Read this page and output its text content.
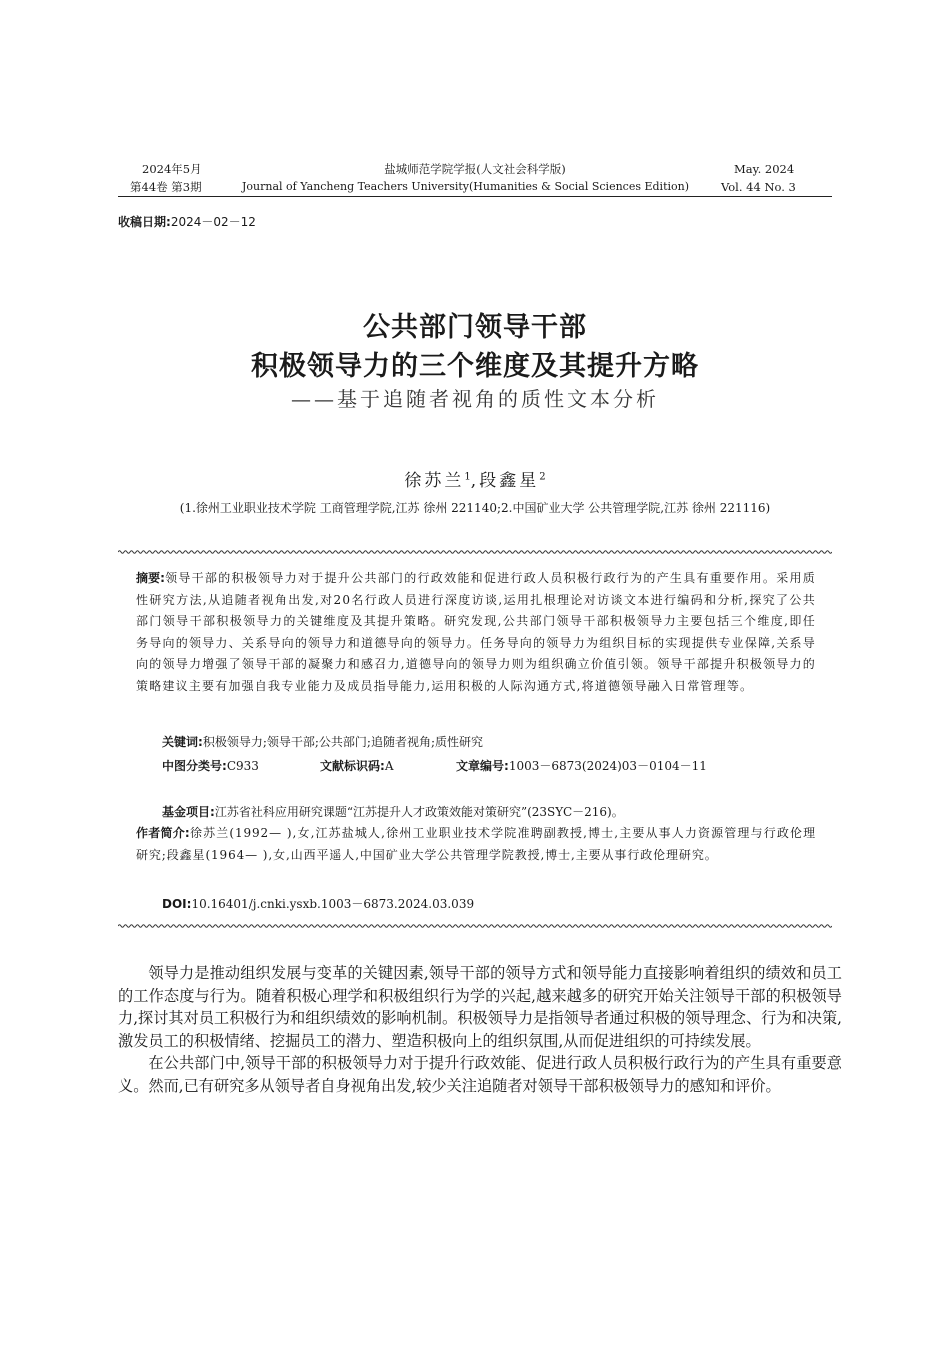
2024年5月
第44卷 第3期
盐城师范学院学报(人文社会科学版)
Journal of Yancheng Teachers University(Humanities & Social Sciences Edition)
May. 2024
Vol. 44 No. 3
收稿日期:2024－02－12
公共部门领导干部
积极领导力的三个维度及其提升方略
——基于追随者视角的质性文本分析
徐苏兰$^1$,段鑫星$^2$
(1.徐州工业职业技术学院 工商管理学院,江苏 徐州 221140;2.中国矿业大学 公共管理学院,江苏 徐州 221116)
摘要:领导干部的积极领导力对于提升公共部门的行政效能和促进行政人员积极行政行为的产生具有重要作用。采用质性研究方法,从追随者视角出发,对20名行政人员进行深度访谈,运用扎根理论对访谈文本进行编码和分析,探究了公共部门领导干部积极领导力的关键维度及其提升策略。研究发现,公共部门领导干部积极领导力主要包括三个维度,即任务导向的领导力、关系导向的领导力和道德导向的领导力。任务导向的领导力为组织目标的实现提供专业保障,关系导向的领导力增强了领导干部的凝聚力和感召力,道德导向的领导力则为组织确立价值引领。领导干部提升积极领导力的策略建议主要有加强自我专业能力及成员指导能力,运用积极的人际沟通方式,将道德领导融入日常管理等。
关键词:积极领导力;领导干部;公共部门;追随者视角;质性研究
中图分类号:C933	文献标识码:A	文章编号:1003－6873(2024)03－0104－11
基金项目:江苏省社科应用研究课题“江苏提升人才政策效能对策研究”(23SYC－216)。
作者简介:徐苏兰(1992— ),女,江苏盐城人,徐州工业职业技术学院准聘副教授,博士,主要从事人力资源管理与行政伦理研究;段鑫星(1964— ),女,山西平遥人,中国矿业大学公共管理学院教授,博士,主要从事行政伦理研究。
DOI:10.16401/j.cnki.ysxb.1003－6873.2024.03.039

领导力是推动组织发展与变革的关键因素,领导干部的领导方式和领导能力直接影响着组织的绩效和员工的工作态度与行为。随着积极心理学和积极组织行为学的兴起,越来越多的研究开始关注领导干部的积极领导力,探讨其对员工积极行为和组织绩效的影响机制。积极领导力是指领导者通过积极的领导理念、行为和决策,激发员工的积极情绪、挖掘员工的潜力、塑造积极向上的组织氛围,从而促进组织的可持续发展。

在公共部门中,领导干部的积极领导力对于提升行政效能、促进行政人员积极行政行为的产生具有重要意义。然而,已有研究多从领导者自身视角出发,较少关注追随者对领导干部积极领导力的感知和评价。
